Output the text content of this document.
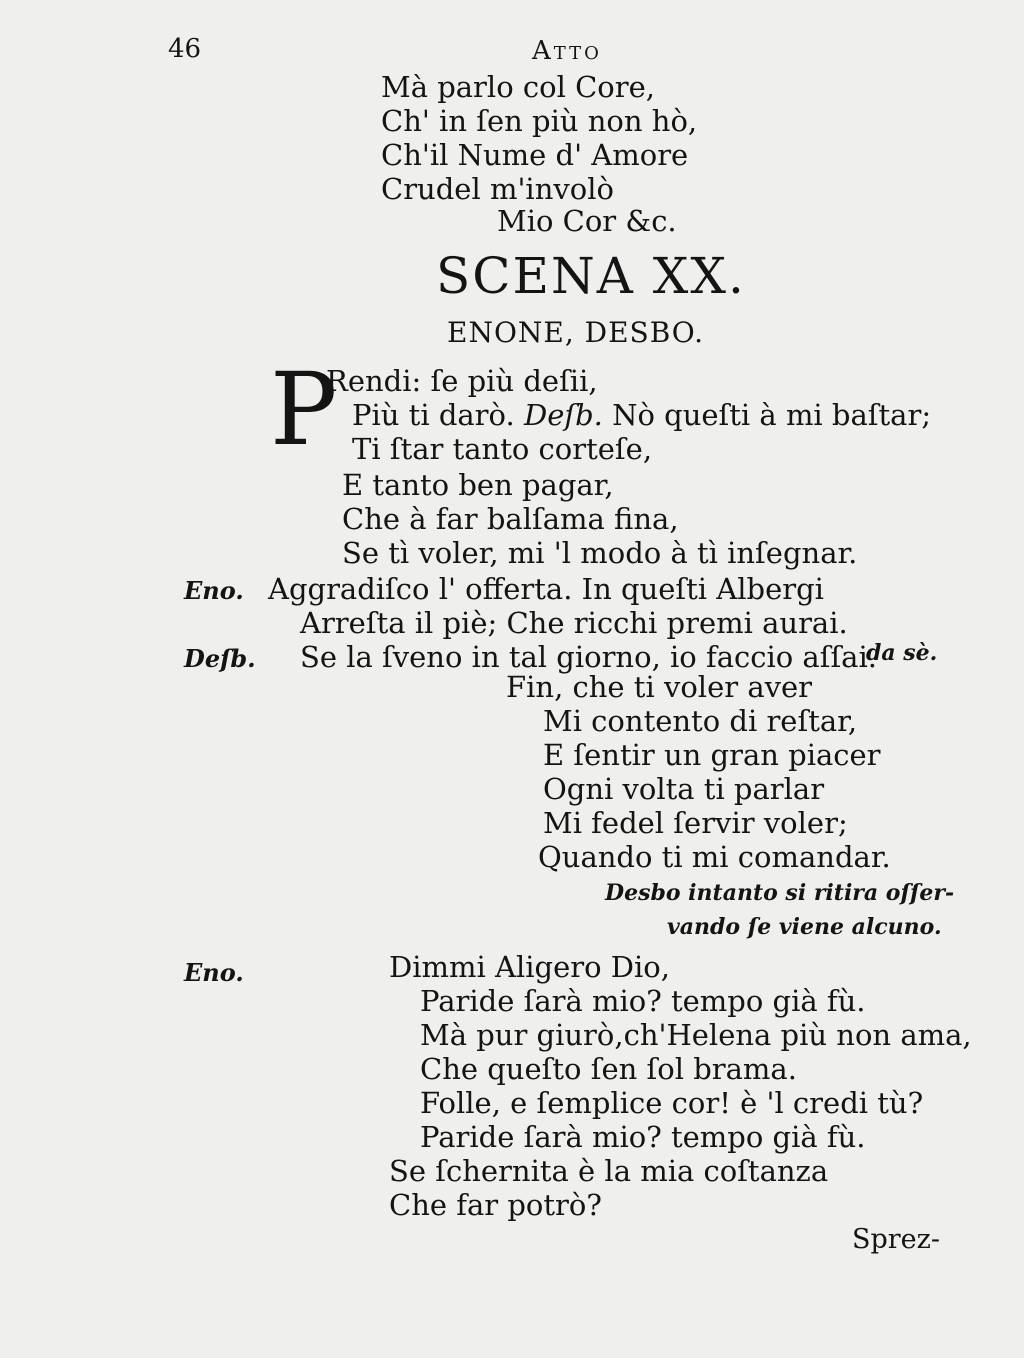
46	Atto
Mà parlo col Core,
Ch' in ſen più non hò,
Ch'il Nume d' Amore
Crudel m'involò
Mio Cor &c.
SCENA XX.
ENONE, DESBO.
P
Rendi: ſe più deſii,
Più ti darò. Deſb. Nò queſti à mi baſtar;
Ti ſtar tanto corteſe,
E tanto ben pagar,
Che à far balſama fina,
Se tì voler, mi 'l modo à tì inſegnar.
Eno. Aggradiſco l' offerta. In queſti Albergi
Arreſta il piè; Che ricchi premi aurai.
Deſb. Se la ſveno in tal giorno, io faccio aſſai.
da sè.
Fin, che ti voler aver
Mi contento di reſtar,
E ſentir un gran piacer
Ogni volta ti parlar
Mi fedel ſervir voler;
Quando ti mi comandar.
Desbo intanto si ritira oſſer-
vando ſe viene alcuno.
Eno.	Dimmi Aligero Dio,
Paride ſarà mio? tempo già fù.
Mà pur giurò,ch'Helena più non ama,
Che queſto ſen ſol brama.
Folle, e ſemplice cor! è 'l credi tù?
Paride ſarà mio? tempo già fù.
Se ſchernita è la mia coſtanza
Che far potrò?
Sprez-
